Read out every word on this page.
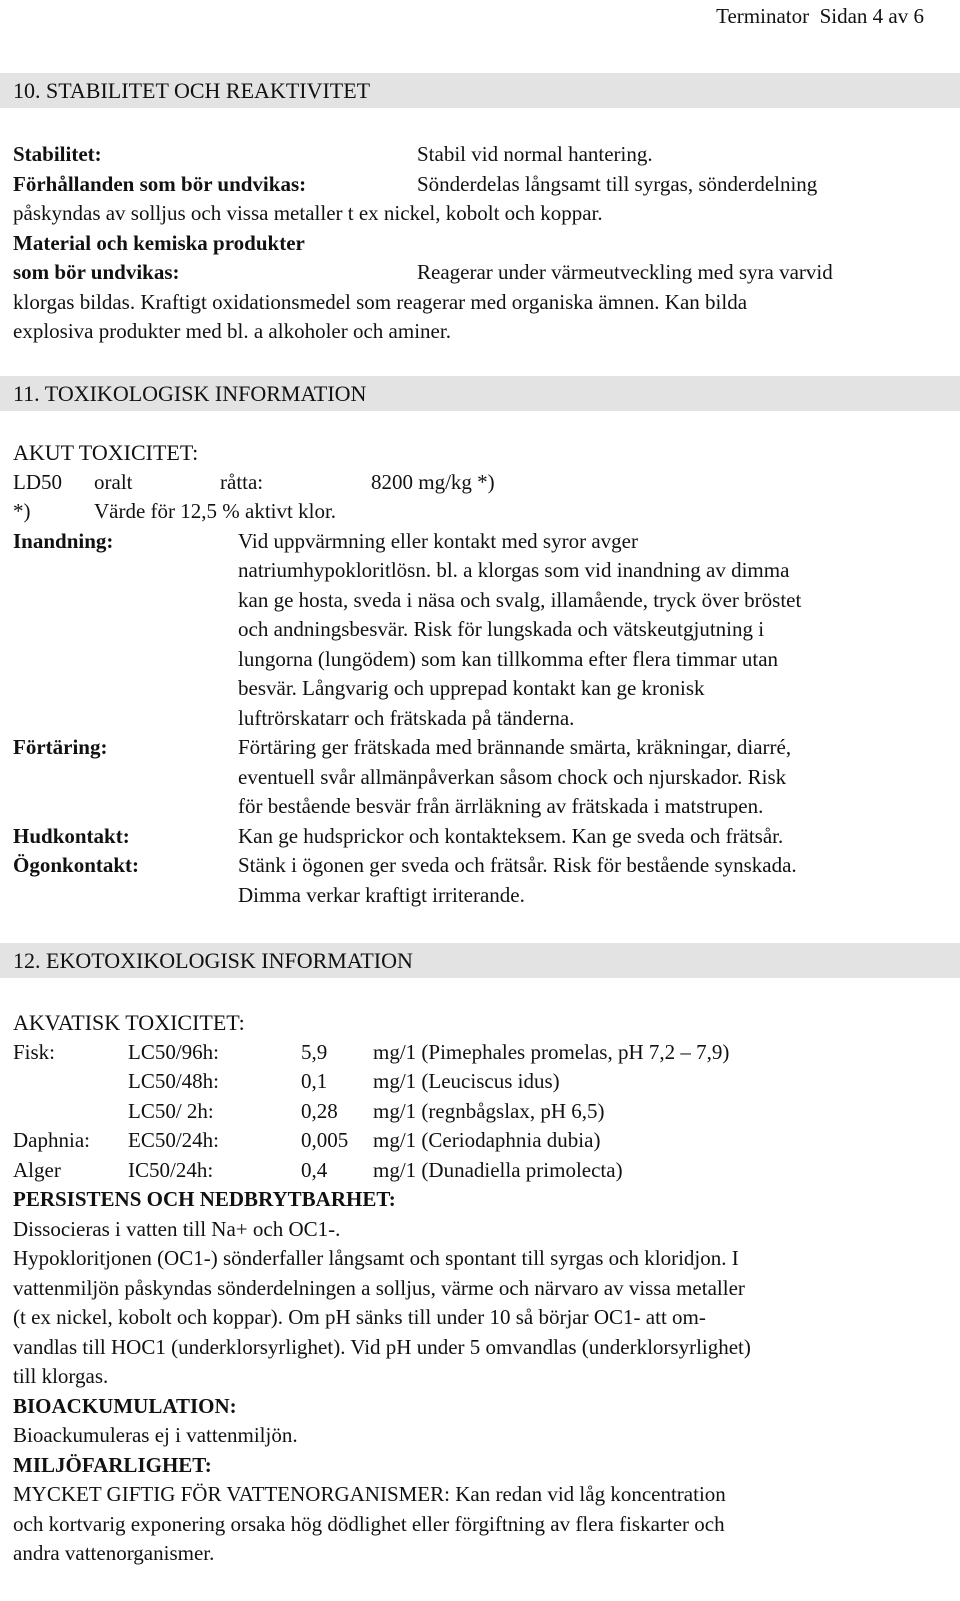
Terminator Sidan 4 av 6
10. STABILITET OCH REAKTIVITET
Stabilitet:	Stabil vid normal hantering.
Förhållanden som bör undvikas:	Sönderdelas långsamt till syrgas, sönderdelning
påskyndas av solljus och vissa metaller t ex nickel, kobolt och koppar.
Material och kemiska produkter
som bör undvikas:	Reagerar under värmeutveckling med syra varvid
klorgas bildas. Kraftigt oxidationsmedel som reagerar med organiska ämnen. Kan bilda
explosiva produkter med bl. a alkoholer och aminer.
11. TOXIKOLOGISK INFORMATION
AKUT TOXICITET:
LD50	oralt	råtta:	8200 mg/kg *)
*)	Värde för 12,5 % aktivt klor.
Inandning:	Vid uppvärmning eller kontakt med syror avger
natriumhypokloritlösn. bl. a klorgas som vid inandning av dimma
kan ge hosta, sveda i näsa och svalg, illamående, tryck över bröstet
och andningsbesvär. Risk för lungskada och vätskeutgjutning i
lungorna (lungödem) som kan tillkomma efter flera timmar utan
besvär. Långvarig och upprepad kontakt kan ge kronisk
luftrörskatarr och frätskada på tänderna.
Förtäring:	Förtäring ger frätskada med brännande smärta, kräkningar, diarré,
eventuell svår allmänpåverkan såsom chock och njurskador. Risk
för bestående besvär från ärrläkning av frätskada i matstrupen.
Hudkontakt:	Kan ge hudsprickor och kontakteksem. Kan ge sveda och frätsår.
Ögonkontakt:	Stänk i ögonen ger sveda och frätsår. Risk för bestående synskada.
Dimma verkar kraftigt irriterande.
12. EKOTOXIKOLOGISK INFORMATION
AKVATISK TOXICITET:
Fisk:	LC50/96h:	5,9	mg/1 (Pimephales promelas, pH 7,2 – 7,9)
	LC50/48h:	0,1	mg/1 (Leuciscus idus)
	LC50/ 2h:	0,28	mg/1 (regnbågslax, pH 6,5)
Daphnia:	EC50/24h:	0,005	mg/1 (Ceriodaphnia dubia)
Alger	IC50/24h:	0,4	mg/1 (Dunadiella primolecta)
PERSISTENS OCH NEDBRYTBARHET:
Dissocieras i vatten till Na+ och OC1-.
Hypokloritjonen (OC1-) sönderfaller långsamt och spontant till syrgas och kloridjon. I
vattenmiljön påskyndas sönderdelningen a solljus, värme och närvaro av vissa metaller
(t ex nickel, kobolt och koppar). Om pH sänks till under 10 så börjar OC1- att om-
vandlas till HOC1 (underklorsyrlighet). Vid pH under 5 omvandlas (underklorsyrlighet)
till klorgas.
BIOACKUMULATION:
Bioackumuleras ej i vattenmiljön.
MILJÖFARLIGHET:
MYCKET GIFTIG FÖR VATTENORGANISMER: Kan redan vid låg koncentration
och kortvarig exponering orsaka hög dödlighet eller förgiftning av flera fiskarter och
andra vattenorganismer.
